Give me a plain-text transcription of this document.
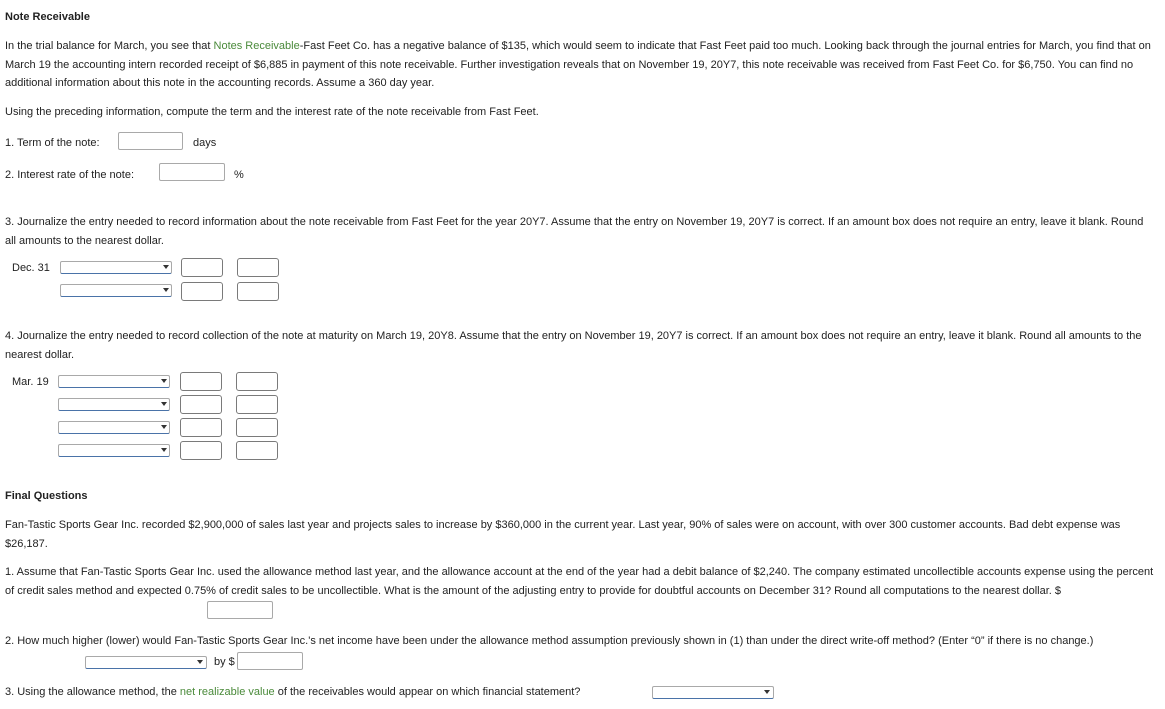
Note Receivable
In the trial balance for March, you see that Notes Receivable-Fast Feet Co. has a negative balance of $135, which would seem to indicate that Fast Feet paid too much. Looking back through the journal entries for March, you find that on March 19 the accounting intern recorded receipt of $6,885 in payment of this note receivable. Further investigation reveals that on November 19, 20Y7, this note receivable was received from Fast Feet Co. for $6,750. You can find no additional information about this note in the accounting records. Assume a 360 day year.
Using the preceding information, compute the term and the interest rate of the note receivable from Fast Feet.
1. Term of the note:	days
2. Interest rate of the note:	%
3. Journalize the entry needed to record information about the note receivable from Fast Feet for the year 20Y7. Assume that the entry on November 19, 20Y7 is correct. If an amount box does not require an entry, leave it blank. Round all amounts to the nearest dollar.
Dec. 31
4. Journalize the entry needed to record collection of the note at maturity on March 19, 20Y8. Assume that the entry on November 19, 20Y7 is correct. If an amount box does not require an entry, leave it blank. Round all amounts to the nearest dollar.
Mar. 19
Final Questions
Fan-Tastic Sports Gear Inc. recorded $2,900,000 of sales last year and projects sales to increase by $360,000 in the current year. Last year, 90% of sales were on account, with over 300 customer accounts. Bad debt expense was $26,187.
1. Assume that Fan-Tastic Sports Gear Inc. used the allowance method last year, and the allowance account at the end of the year had a debit balance of $2,240. The company estimated uncollectible accounts expense using the percent of credit sales method and expected 0.75% of credit sales to be uncollectible. What is the amount of the adjusting entry to provide for doubtful accounts on December 31? Round all computations to the nearest dollar. $
2. How much higher (lower) would Fan-Tastic Sports Gear Inc.'s net income have been under the allowance method assumption previously shown in (1) than under the direct write-off method? (Enter “0” if there is no change.)
by $
3. Using the allowance method, the net realizable value of the receivables would appear on which financial statement?
